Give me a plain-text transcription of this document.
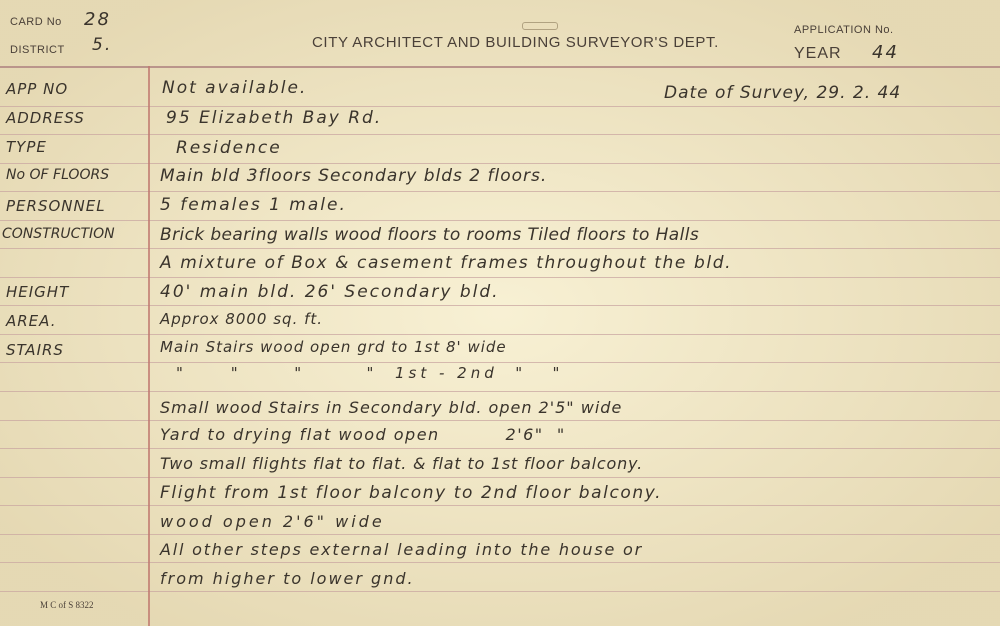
CARD No 28
DISTRICT 5.	CITY ARCHITECT AND BUILDING SURVEYOR'S DEPT.
APPLICATION No.
YEAR 44
APP NO
ADDRESS
TYPE
No OF FLOORS
PERSONNEL
CONSTRUCTION
HEIGHT
AREA.
STAIRS
Not available.	Date of Survey, 29. 2. 44
95 Elizabeth Bay Rd.
Residence
Main bld 3floors Secondary blds 2 floors.
5 females 1 male.
Brick bearing walls wood floors to rooms Tiled floors to Halls
A mixture of Box & casement frames throughout the bld.
40' main bld. 26' Secondary bld.
Approx 8000 sq. ft.
Main Stairs wood open grd to 1st 8' wide
"     "      "       "  1st - 2nd  "   "
Small wood Stairs in Secondary bld. open 2'5" wide
Yard to drying flat wood open          2'6"  "
Two small flights flat to flat. & flat to 1st floor balcony.
Flight from 1st floor balcony to 2nd floor balcony.
wood open 2'6" wide
All other steps external leading into the house or
from higher to lower gnd.
M C of S 8322
